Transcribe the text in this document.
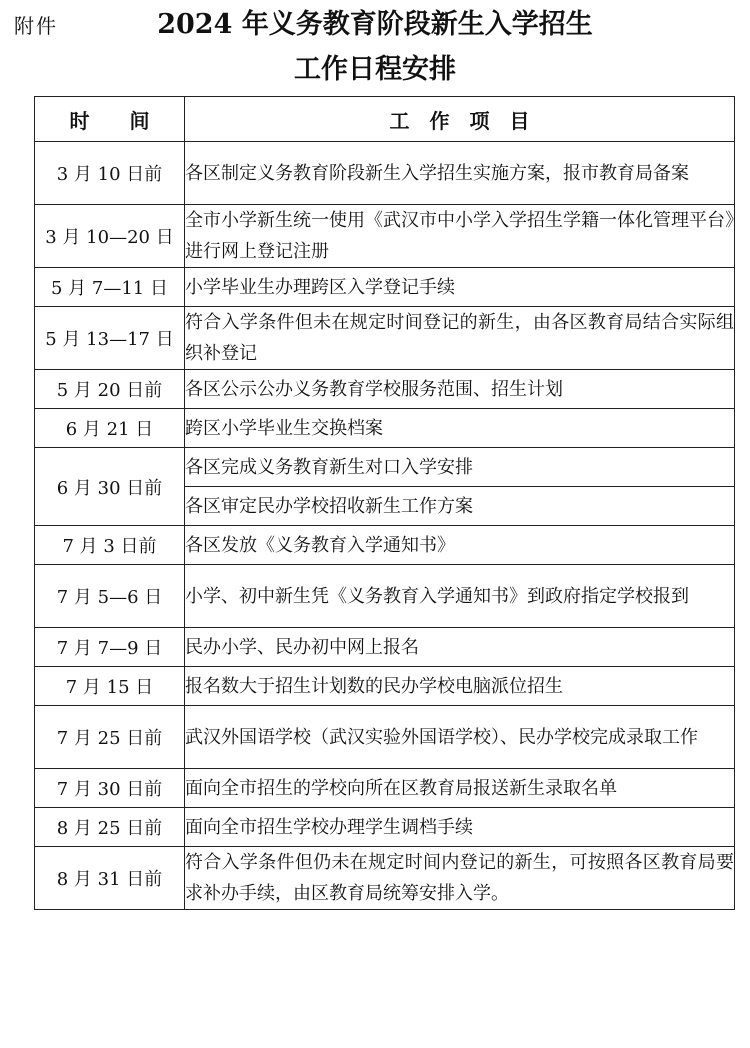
附件	2024 年义务教育阶段新生入学招生
工作日程安排
时　　间	工　作　项　目
3 月 10 日前	各区制定义务教育阶段新生入学招生实施方案，报市教育局备案
3 月 10—20 日	全市小学新生统一使用《武汉市中小学入学招生学籍一体化管理平台》进行网上登记注册
5 月 7—11 日	小学毕业生办理跨区入学登记手续
5 月 13—17 日	符合入学条件但未在规定时间登记的新生，由各区教育局结合实际组织补登记
5 月 20 日前	各区公示公办义务教育学校服务范围、招生计划
6 月 21 日	跨区小学毕业生交换档案
6 月 30 日前	各区完成义务教育新生对口入学安排
	各区审定民办学校招收新生工作方案
7 月 3 日前	各区发放《义务教育入学通知书》
7 月 5—6 日	小学、初中新生凭《义务教育入学通知书》到政府指定学校报到
7 月 7—9 日	民办小学、民办初中网上报名
7 月 15 日	报名数大于招生计划数的民办学校电脑派位招生
7 月 25 日前	武汉外国语学校（武汉实验外国语学校）、民办学校完成录取工作
7 月 30 日前	面向全市招生的学校向所在区教育局报送新生录取名单
8 月 25 日前	面向全市招生学校办理学生调档手续
8 月 31 日前	符合入学条件但仍未在规定时间内登记的新生，可按照各区教育局要求补办手续，由区教育局统筹安排入学。
